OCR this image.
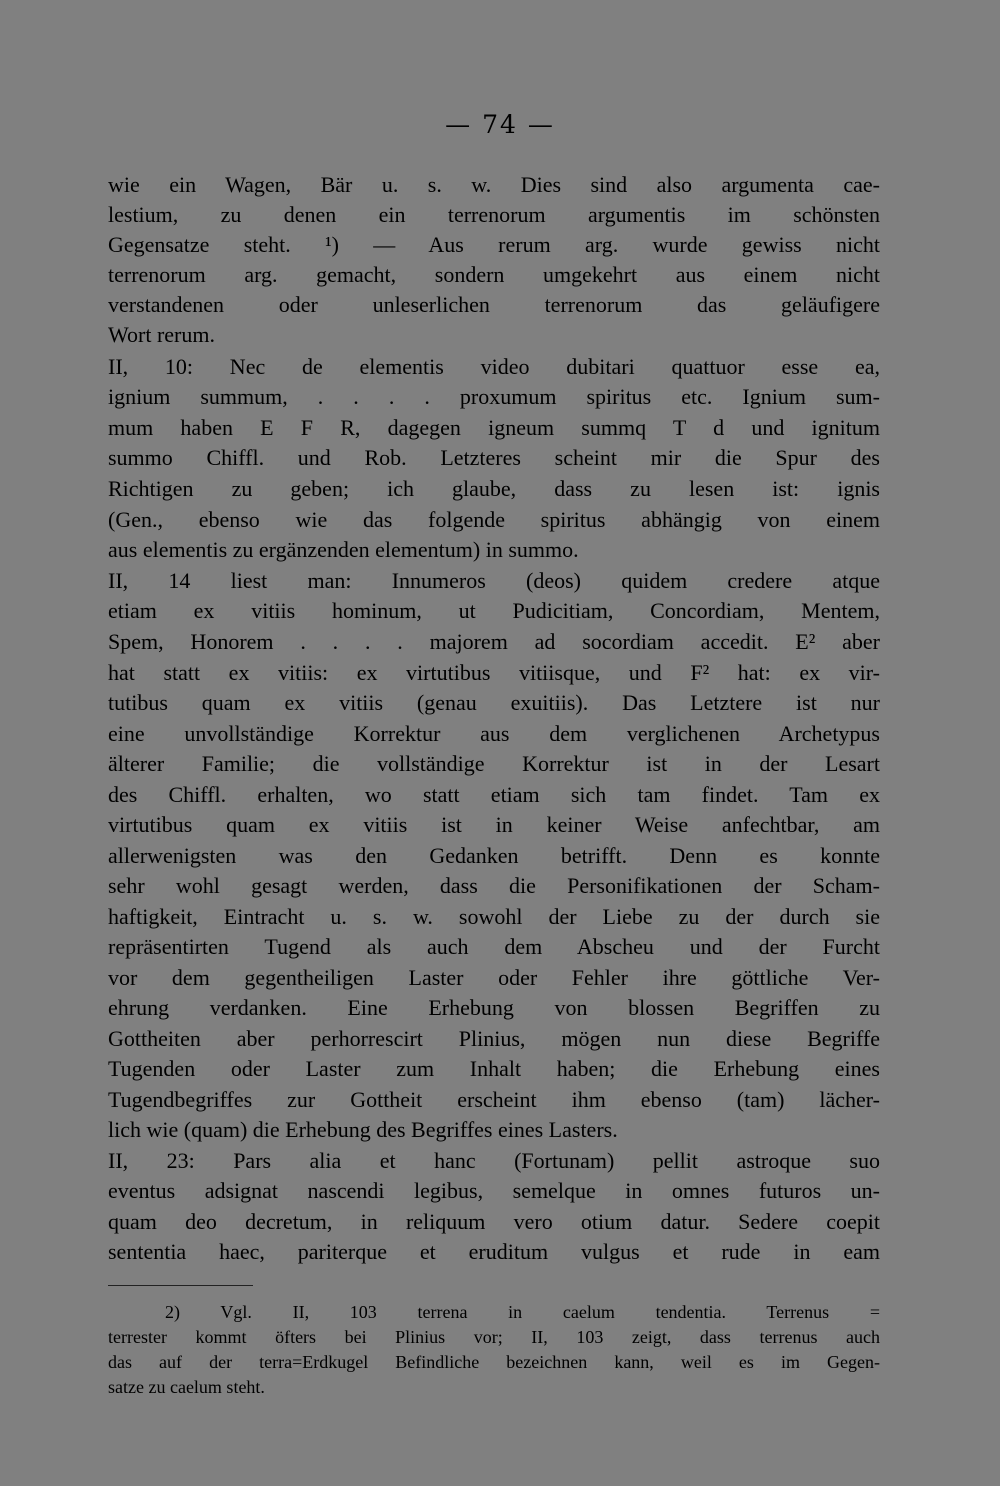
— 74 —
wie ein Wagen, Bär u. s. w. Dies sind also argumenta cae-
lestium, zu denen ein terrenorum argumentis im schönsten
Gegensatze steht. ¹) — Aus rerum arg. wurde gewiss nicht
terrenorum arg. gemacht, sondern umgekehrt aus einem nicht
verstandenen oder unleserlichen terrenorum das geläufigere
Wort rerum.
II, 10: Nec de elementis video dubitari quattuor esse ea,
ignium summum, . . . . proxumum spiritus etc. Ignium sum-
mum haben E F R, dagegen igneum summq T d und ignitum
summo Chiffl. und Rob. Letzteres scheint mir die Spur des
Richtigen zu geben; ich glaube, dass zu lesen ist: ignis
(Gen., ebenso wie das folgende spiritus abhängig von einem
aus elementis zu ergänzenden elementum) in summo.
II, 14 liest man: Innumeros (deos) quidem credere atque
etiam ex vitiis hominum, ut Pudicitiam, Concordiam, Mentem,
Spem, Honorem . . . . majorem ad socordiam accedit. E² aber
hat statt ex vitiis: ex virtutibus vitiisque, und F² hat: ex vir-
tutibus quam ex vitiis (genau exuitiis). Das Letztere ist nur
eine unvollständige Korrektur aus dem verglichenen Archetypus
älterer Familie; die vollständige Korrektur ist in der Lesart
des Chiffl. erhalten, wo statt etiam sich tam findet. Tam ex
virtutibus quam ex vitiis ist in keiner Weise anfechtbar, am
allerwenigsten was den Gedanken betrifft. Denn es konnte
sehr wohl gesagt werden, dass die Personifikationen der Scham-
haftigkeit, Eintracht u. s. w. sowohl der Liebe zu der durch sie
repräsentirten Tugend als auch dem Abscheu und der Furcht
vor dem gegentheiligen Laster oder Fehler ihre göttliche Ver-
ehrung verdanken. Eine Erhebung von blossen Begriffen zu
Gottheiten aber perhorrescirt Plinius, mögen nun diese Begriffe
Tugenden oder Laster zum Inhalt haben; die Erhebung eines
Tugendbegriffes zur Gottheit erscheint ihm ebenso (tam) lächer-
lich wie (quam) die Erhebung des Begriffes eines Lasters.
II, 23: Pars alia et hanc (Fortunam) pellit astroque suo
eventus adsignat nascendi legibus, semelque in omnes futuros un-
quam deo decretum, in reliquum vero otium datur. Sedere coepit
sententia haec, pariterque et eruditum vulgus et rude in eam
2) Vgl. II, 103 terrena in caelum tendentia. Terrenus =
terrester kommt öfters bei Plinius vor; II, 103 zeigt, dass terrenus auch
das auf der terra=Erdkugel Befindliche bezeichnen kann, weil es im Gegen-
satze zu caelum steht.
